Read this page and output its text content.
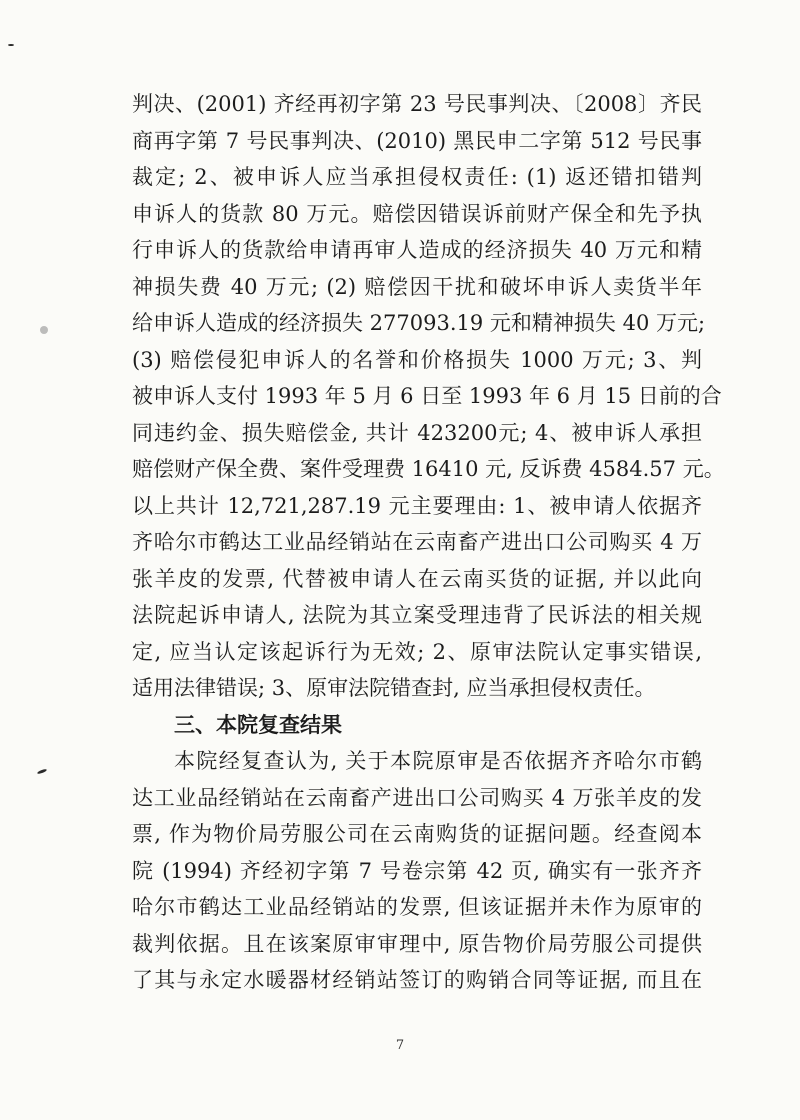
判决、(2001) 齐经再初字第 23 号民事判决、〔2008〕齐民
商再字第 7 号民事判决、(2010) 黑民申二字第 512 号民事
裁定; 2、被申诉人应当承担侵权责任: (1) 返还错扣错判
申诉人的货款 80 万元。赔偿因错误诉前财产保全和先予执
行申诉人的货款给申请再审人造成的经济损失 40 万元和精
神损失费 40 万元; (2) 赔偿因干扰和破坏申诉人卖货半年
给申诉人造成的经济损失 277093.19 元和精神损失 40 万元;
(3) 赔偿侵犯申诉人的名誉和价格损失 1000 万元; 3、判
被申诉人支付 1993 年 5 月 6 日至 1993 年 6 月 15 日前的合
同违约金、损失赔偿金, 共计 423200元; 4、被申诉人承担
赔偿财产保全费、案件受理费 16410 元, 反诉费 4584.57 元。
以上共计 12,721,287.19 元主要理由: 1、被申请人依据齐
齐哈尔市鹤达工业品经销站在云南畜产进出口公司购买 4 万
张羊皮的发票, 代替被申请人在云南买货的证据, 并以此向
法院起诉申请人, 法院为其立案受理违背了民诉法的相关规
定, 应当认定该起诉行为无效; 2、原审法院认定事实错误,
适用法律错误; 3、原审法院错查封, 应当承担侵权责任。
三、本院复查结果
本院经复查认为, 关于本院原审是否依据齐齐哈尔市鹤
达工业品经销站在云南畜产进出口公司购买 4 万张羊皮的发
票, 作为物价局劳服公司在云南购货的证据问题。经查阅本
院 (1994) 齐经初字第 7 号卷宗第 42 页, 确实有一张齐齐
哈尔市鹤达工业品经销站的发票, 但该证据并未作为原审的
裁判依据。且在该案原审审理中, 原告物价局劳服公司提供
了其与永定水暖器材经销站签订的购销合同等证据, 而且在
7
